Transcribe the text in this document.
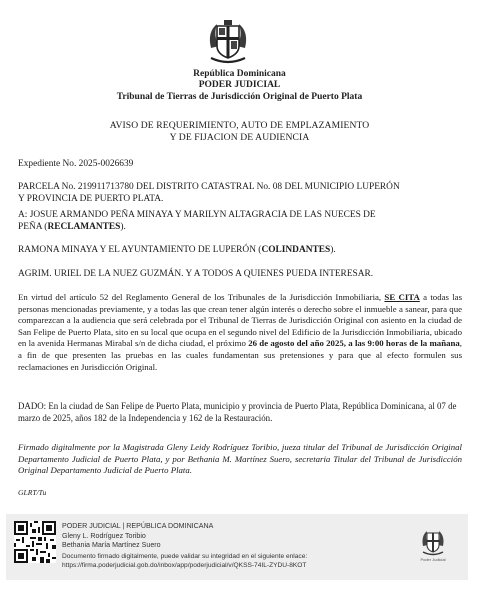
República Dominicana
PODER JUDICIAL
Tribunal de Tierras de Jurisdicción Original de Puerto Plata
AVISO DE REQUERIMIENTO, AUTO DE EMPLAZAMIENTO
Y DE FIJACION DE AUDIENCIA
Expediente No. 2025-0026639
PARCELA No. 219911713780 DEL DISTRITO CATASTRAL No. 08 DEL MUNICIPIO LUPERÓN
Y PROVINCIA DE PUERTO PLATA.
A: JOSUE ARMANDO PEÑA MINAYA Y MARILYN ALTAGRACIA DE LAS NUECES DE
PEÑA (RECLAMANTES).
RAMONA MINAYA Y EL AYUNTAMIENTO DE LUPERÓN (COLINDANTES).
AGRIM. URIEL DE LA NUEZ GUZMÁN. Y A TODOS A QUIENES PUEDA INTERESAR.
En virtud del artículo 52 del Reglamento General de los Tribunales de la Jurisdicción Inmobiliaria, SE CITA a todas las personas mencionadas previamente, y a todas las que crean tener algún interés o derecho sobre el inmueble a sanear, para que comparezcan a la audiencia que será celebrada por el Tribunal de Tierras de Jurisdicción Original con asiento en la ciudad de San Felipe de Puerto Plata, sito en su local que ocupa en el segundo nivel del Edificio de la Jurisdicción Inmobiliaria, ubicado en la avenida Hermanas Mirabal s/n de dicha ciudad, el próximo 26 de agosto del año 2025, a las 9:00 horas de la mañana, a fin de que presenten las pruebas en las cuales fundamentan sus pretensiones y para que al efecto formulen sus reclamaciones en Jurisdicción Original.
DADO: En la ciudad de San Felipe de Puerto Plata, municipio y provincia de Puerto Plata, República Dominicana, al 07 de marzo de 2025, años 182 de la Independencia y 162 de la Restauración.
Firmado digitalmente por la Magistrada Gleny Leidy Rodríguez Toribio, jueza titular del Tribunal de Jurisdicción Original Departamento Judicial de Puerto Plata, y por Bethania M. Martínez Suero, secretaria Titular del Tribunal de Jurisdicción Original Departamento Judicial de Puerto Plata.
GLRT/Tu
PODER JUDICIAL | REPÚBLICA DOMINICANA
Gleny L. Rodríguez Toribio
Bethania María Martínez Suero
Documento firmado digitalmente, puede validar su integridad en el siguiente enlace:
https://firma.poderjudicial.gob.do/inbox/app/poderjudicial/v/QKSS-74IL-ZYDU-8KOT
Poder Judicial
